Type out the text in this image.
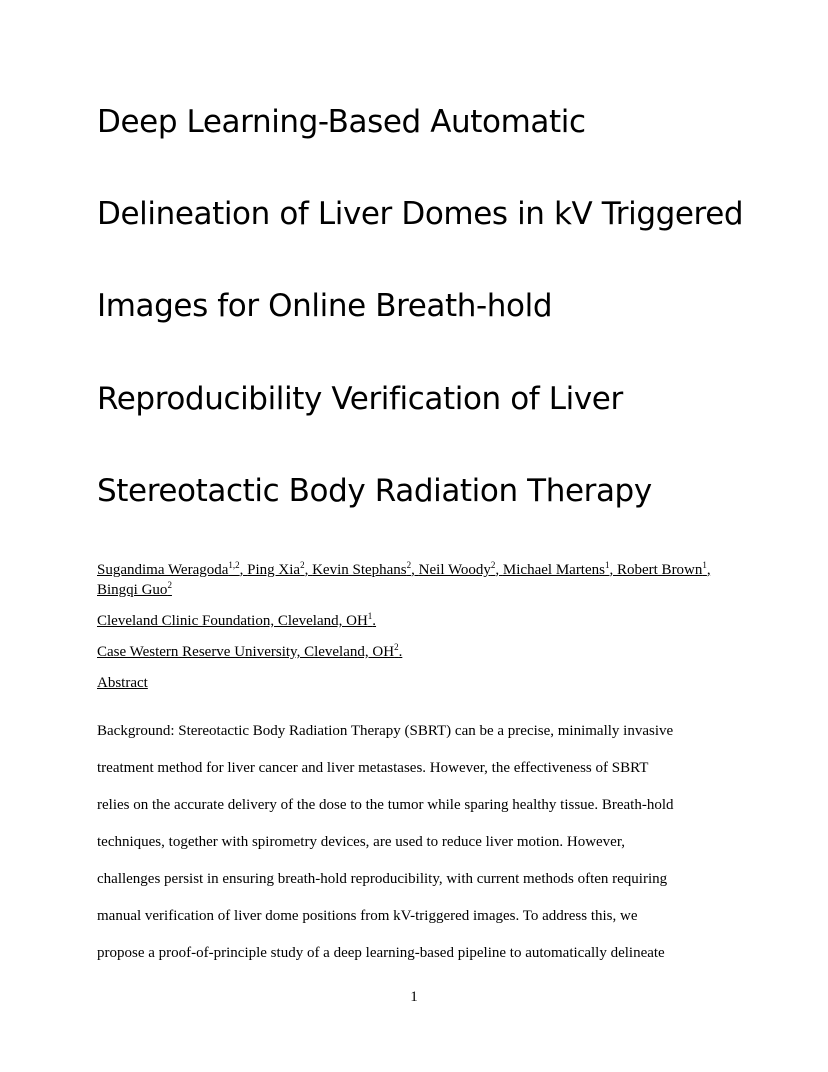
Deep Learning-Based Automatic
Delineation of Liver Domes in kV Triggered
Images for Online Breath-hold
Reproducibility Verification of Liver
Stereotactic Body Radiation Therapy
Sugandima Weragoda$^{1,2}$, Ping Xia$^2$, Kevin Stephans$^2$, Neil Woody$^2$, Michael Martens$^1$, Robert Brown$^1$, Bingqi Guo$^2$
Cleveland Clinic Foundation, Cleveland, $OH^1$.
Case Western Reserve University, Cleveland, $OH^2$.
Abstract
Background: Stereotactic Body Radiation Therapy (SBRT) can be a precise, minimally invasive
treatment method for liver cancer and liver metastases. However, the effectiveness of SBRT
relies on the accurate delivery of the dose to the tumor while sparing healthy tissue. Breath-hold
techniques, together with spirometry devices, are used to reduce liver motion. However,
challenges persist in ensuring breath-hold reproducibility, with current methods often requiring
manual verification of liver dome positions from kV-triggered images. To address this, we
propose a proof-of-principle study of a deep learning-based pipeline to automatically delineate
1
